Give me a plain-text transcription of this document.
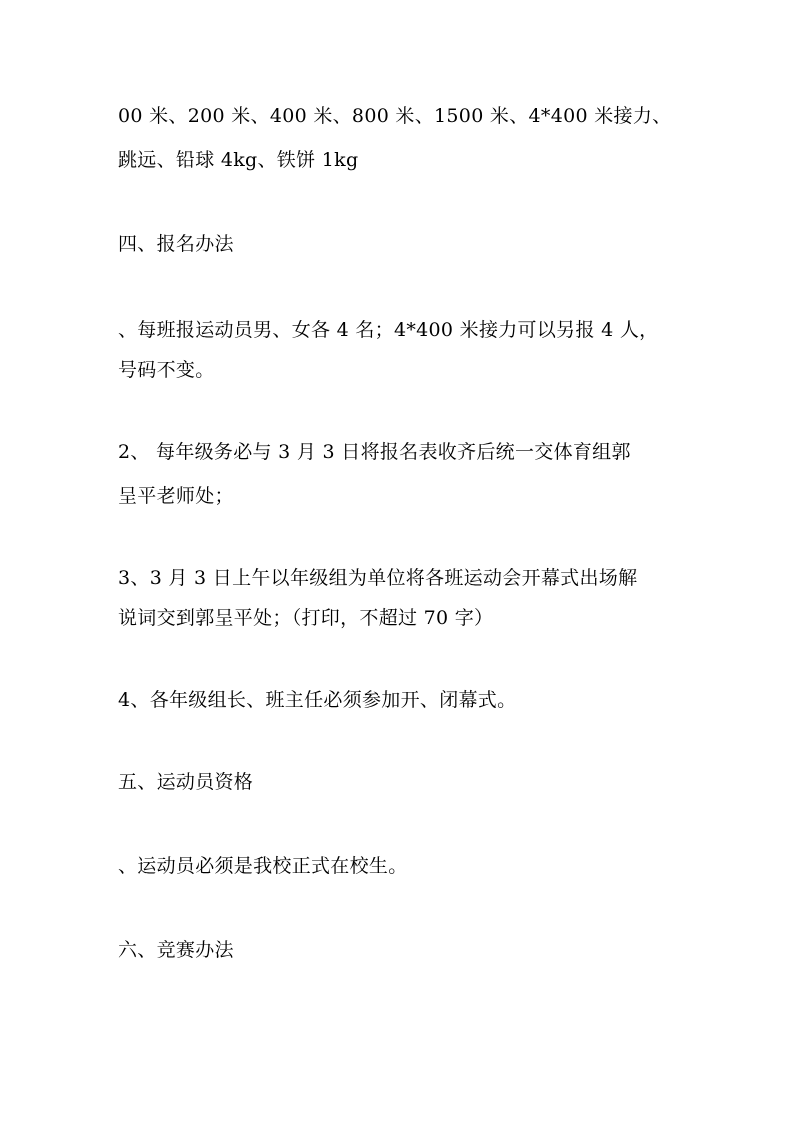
00 米、200 米、400 米、800 米、1500 米、4*400 米接力、
跳远、铅球 4kg、铁饼 1kg
四、报名办法
、每班报运动员男、女各 4 名；4*400 米接力可以另报 4 人，
号码不变。
2、 每年级务必与 3 月 3 日将报名表收齐后统一交体育组郭
呈平老师处；
3、3 月 3 日上午以年级组为单位将各班运动会开幕式出场解
说词交到郭呈平处；（打印，不超过 70 字）
4、各年级组长、班主任必须参加开、闭幕式。
五、运动员资格
、运动员必须是我校正式在校生。
六、竞赛办法
